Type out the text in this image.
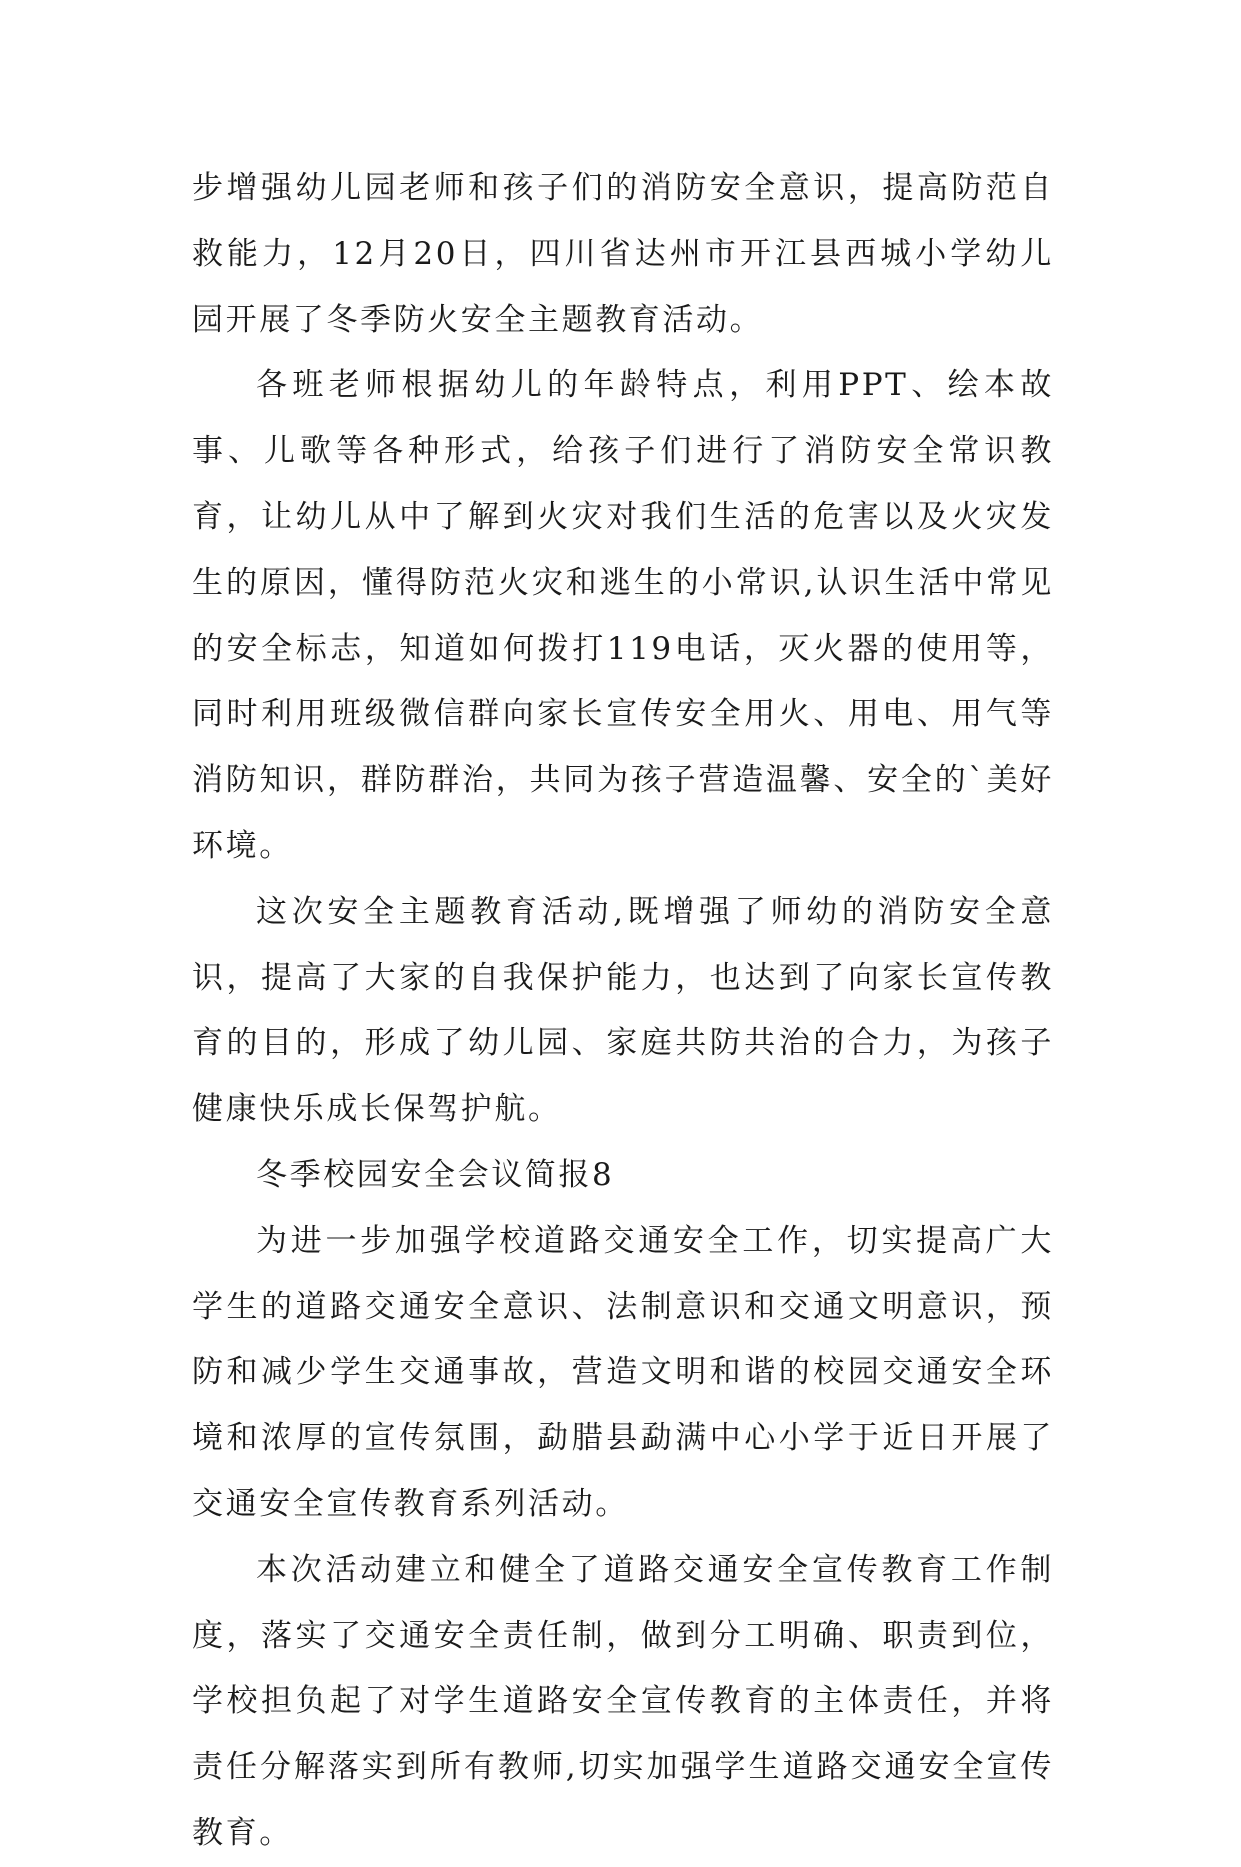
步增强幼儿园老师和孩子们的消防安全意识，提高防范自救能力，12月20日，四川省达州市开江县西城小学幼儿园开展了冬季防火安全主题教育活动。

各班老师根据幼儿的年龄特点，利用PPT、绘本故事、儿歌等各种形式，给孩子们进行了消防安全常识教育，让幼儿从中了解到火灾对我们生活的危害以及火灾发生的原因，懂得防范火灾和逃生的小常识,认识生活中常见的安全标志，知道如何拨打119电话，灭火器的使用等，同时利用班级微信群向家长宣传安全用火、用电、用气等消防知识，群防群治，共同为孩子营造温馨、安全的`美好环境。

这次安全主题教育活动,既增强了师幼的消防安全意识，提高了大家的自我保护能力，也达到了向家长宣传教育的目的，形成了幼儿园、家庭共防共治的合力，为孩子健康快乐成长保驾护航。

冬季校园安全会议简报8

为进一步加强学校道路交通安全工作，切实提高广大学生的道路交通安全意识、法制意识和交通文明意识，预防和减少学生交通事故，营造文明和谐的校园交通安全环境和浓厚的宣传氛围，勐腊县勐满中心小学于近日开展了交通安全宣传教育系列活动。

本次活动建立和健全了道路交通安全宣传教育工作制度，落实了交通安全责任制，做到分工明确、职责到位，学校担负起了对学生道路安全宣传教育的主体责任，并将责任分解落实到所有教师,切实加强学生道路交通安全宣传教育。
